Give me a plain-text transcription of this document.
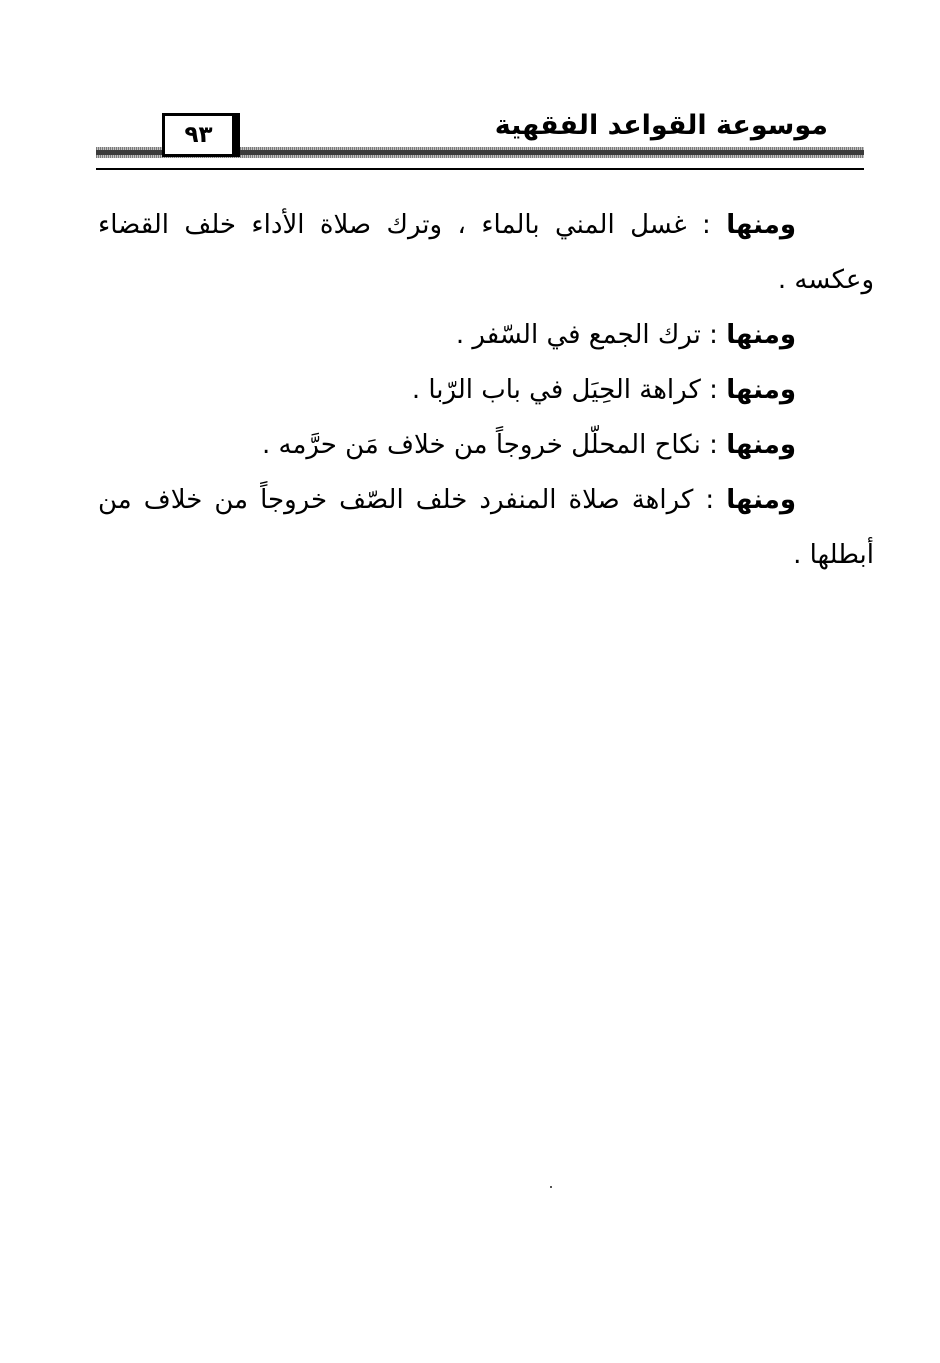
موسوعة القواعد الفقهية
٩٣

ومنها : غسل المني بالماء ، وترك صلاة الأداء خلف القضاء وعكسه .

ومنها : ترك الجمع في السّفر .

ومنها : كراهة الحِيَل في باب الرّبا .

ومنها : نكاح المحلّل خروجاً من خلاف مَن حرَّمه .

ومنها : كراهة صلاة المنفرد خلف الصّف خروجاً من خلاف من أبطلها .
